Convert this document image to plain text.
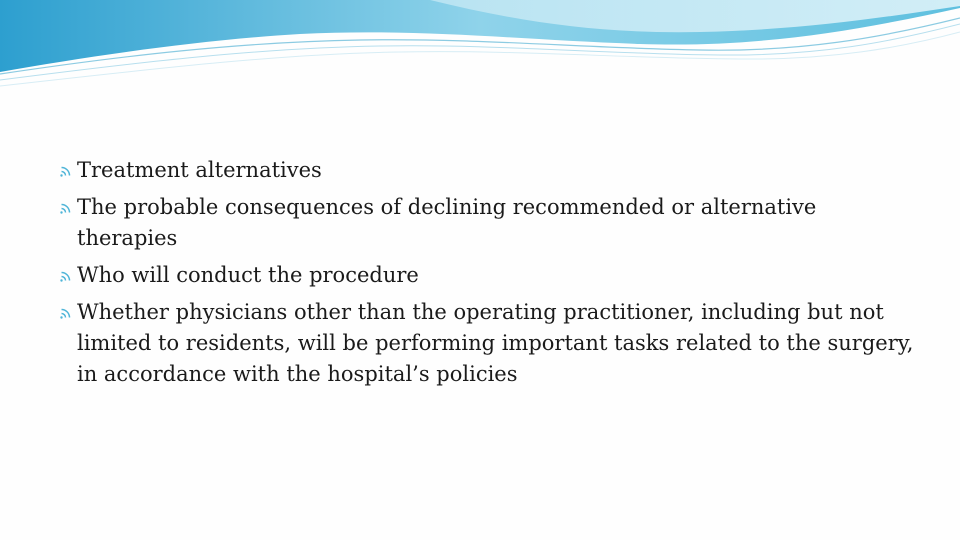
Treatment alternatives
The probable consequences of declining recommended or alternative therapies
Who will conduct the procedure
Whether physicians other than the operating practitioner, including but not limited to residents, will be performing important tasks related to the surgery, in accordance with the hospital’s policies
